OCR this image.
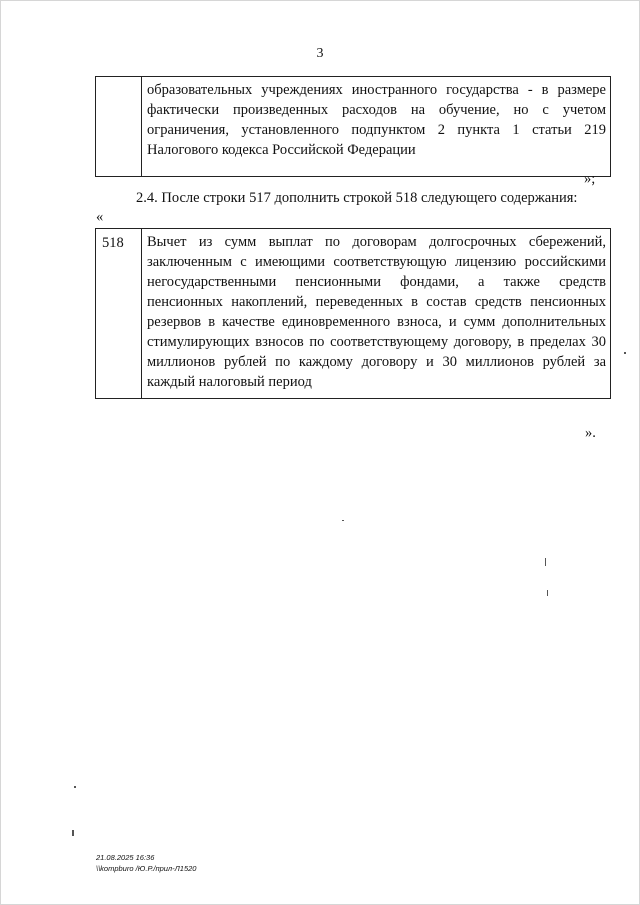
3
	образовательных учреждениях иностранного государства - в размере фактически произведенных расходов на обучение, но с учетом ограничения, установленного подпунктом 2 пункта 1 статьи 219 Налогового кодекса Российской Федерации
»;
2.4. После строки 517 дополнить строкой 518 следующего содержания:
«
518	Вычет из сумм выплат по договорам долгосрочных сбережений, заключенным с имеющими соответствующую лицензию российскими негосударственными пенсионными фондами, а также средств пенсионных накоплений, переведенных в состав средств пенсионных резервов в качестве единовременного взноса, и сумм дополнительных стимулирующих взносов по соответствующему договору, в пределах 30 миллионов рублей по каждому договору и 30 миллионов рублей за каждый налоговый период
».
21.08.2025 16:36
\\kompburo /Ю.Р./прил-Л1520
